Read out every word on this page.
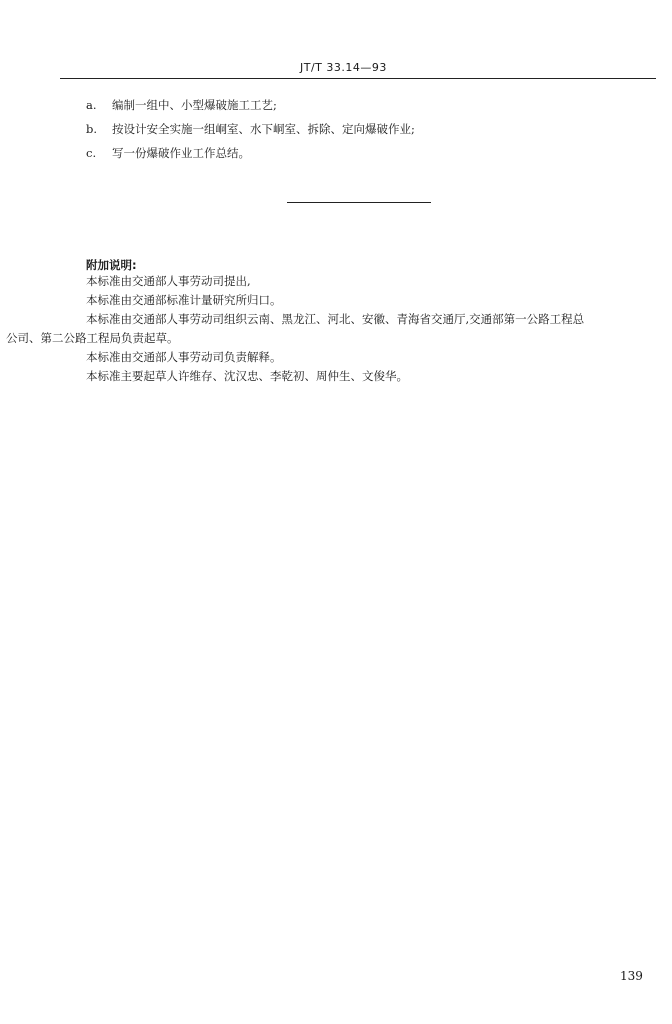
JT/T 33.14—93
a. 编制一组中、小型爆破施工工艺;
b. 按设计安全实施一组峒室、水下峒室、拆除、定向爆破作业;
c. 写一份爆破作业工作总结。
附加说明:
本标准由交通部人事劳动司提出,
本标准由交通部标准计量研究所归口。
本标准由交通部人事劳动司组织云南、黑龙江、河北、安徽、青海省交通厅,交通部第一公路工程总
公司、第二公路工程局负责起草。
本标准由交通部人事劳动司负责解释。
本标准主要起草人许维存、沈汉忠、李乾初、周仲生、文俊华。
139
